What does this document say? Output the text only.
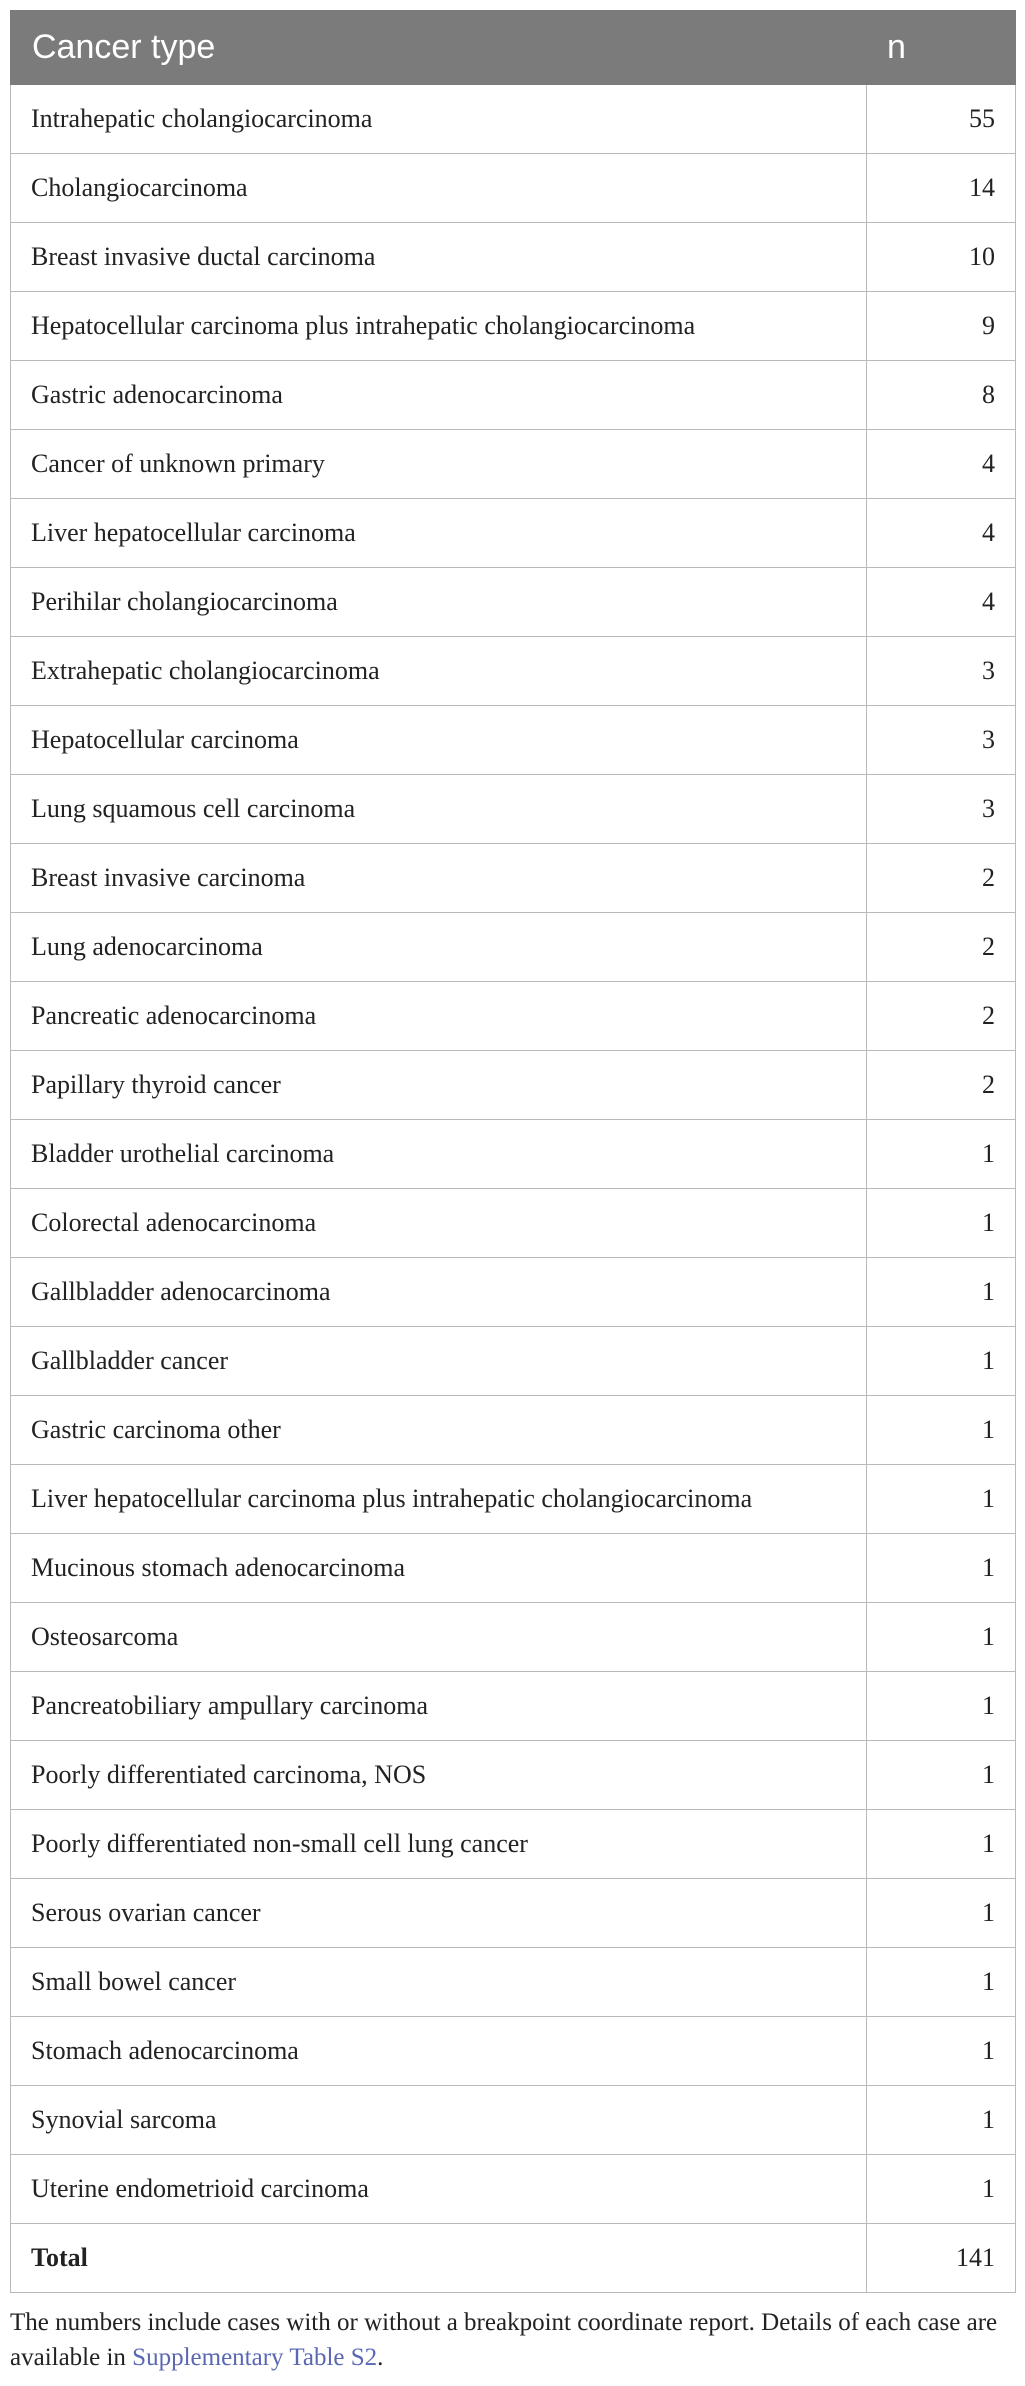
Cancer type	n
Intrahepatic cholangiocarcinoma	55
Cholangiocarcinoma	14
Breast invasive ductal carcinoma	10
Hepatocellular carcinoma plus intrahepatic cholangiocarcinoma	9
Gastric adenocarcinoma	8
Cancer of unknown primary	4
Liver hepatocellular carcinoma	4
Perihilar cholangiocarcinoma	4
Extrahepatic cholangiocarcinoma	3
Hepatocellular carcinoma	3
Lung squamous cell carcinoma	3
Breast invasive carcinoma	2
Lung adenocarcinoma	2
Pancreatic adenocarcinoma	2
Papillary thyroid cancer	2
Bladder urothelial carcinoma	1
Colorectal adenocarcinoma	1
Gallbladder adenocarcinoma	1
Gallbladder cancer	1
Gastric carcinoma other	1
Liver hepatocellular carcinoma plus intrahepatic cholangiocarcinoma	1
Mucinous stomach adenocarcinoma	1
Osteosarcoma	1
Pancreatobiliary ampullary carcinoma	1
Poorly differentiated carcinoma, NOS	1
Poorly differentiated non-small cell lung cancer	1
Serous ovarian cancer	1
Small bowel cancer	1
Stomach adenocarcinoma	1
Synovial sarcoma	1
Uterine endometrioid carcinoma	1
Total	141
The numbers include cases with or without a breakpoint coordinate report. Details of each case are available in Supplementary Table S2.
